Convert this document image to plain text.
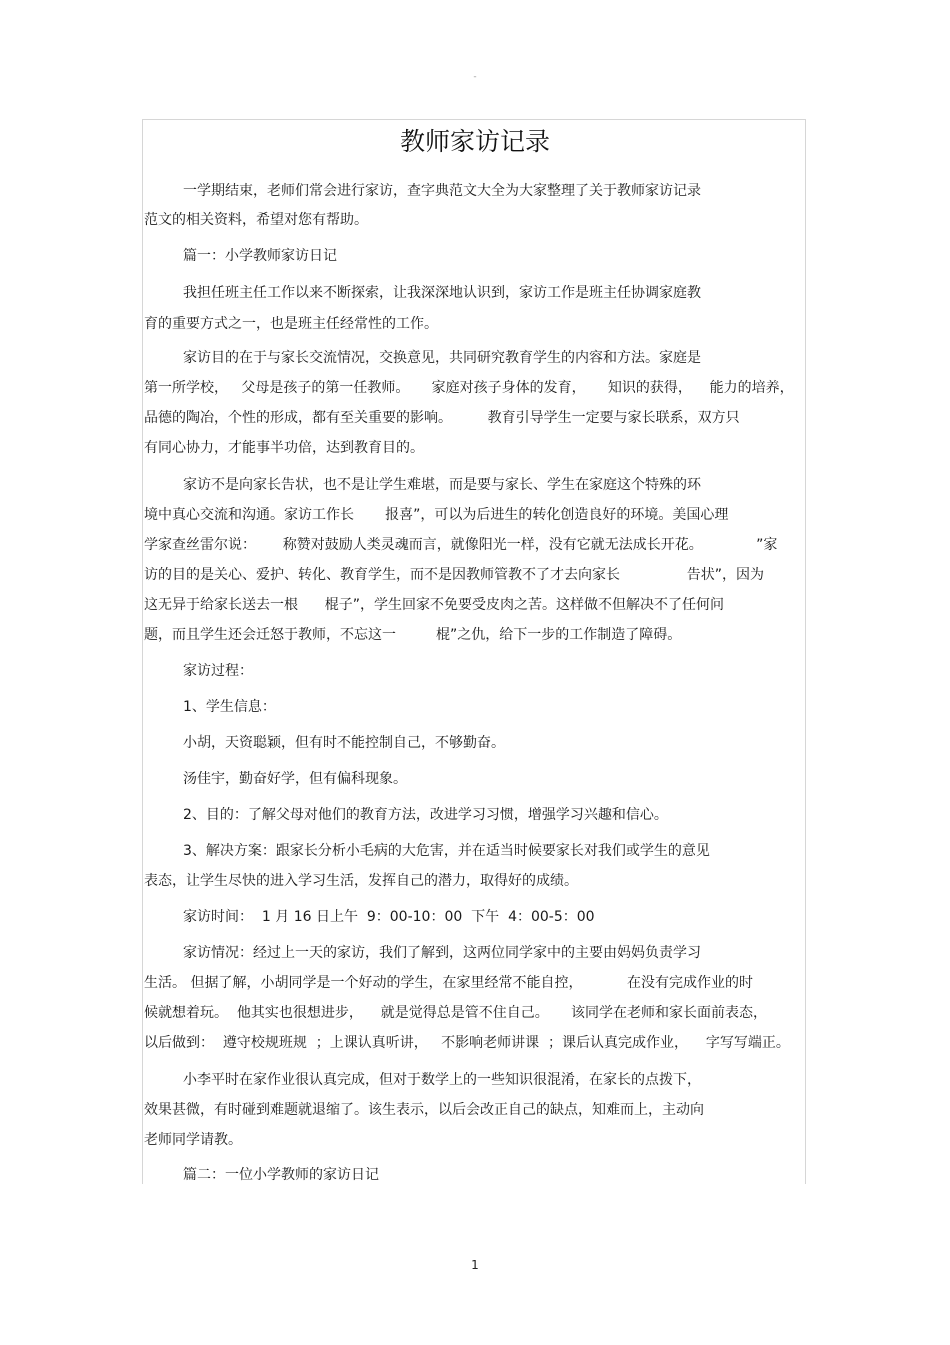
-
教师家访记录
一学期结束，老师们常会进行家访，查字典范文大全为大家整理了关于教师家访记录
范文的相关资料，希望对您有帮助。
篇一：小学教师家访日记
我担任班主任工作以来不断探索，让我深深地认识到，家访工作是班主任协调家庭教
育的重要方式之一，也是班主任经常性的工作。
家访目的在于与家长交流情况，交换意见，共同研究教育学生的内容和方法。家庭是
第一所学校，   父母是孩子的第一任教师。     家庭对孩子身体的发育，     知识的获得，    能力的培养，
品德的陶冶，个性的形成，都有至关重要的影响。        教育引导学生一定要与家长联系，双方只
有同心协力，才能事半功倍，达到教育目的。
家访不是向家长告状，也不是让学生难堪，而是要与家长、学生在家庭这个特殊的环
境中真心交流和沟通。家访工作长       报喜”，可以为后进生的转化创造良好的环境。美国心理
学家查丝雷尔说：      称赞对鼓励人类灵魂而言，就像阳光一样，没有它就无法成长开花。            ”家
访的目的是关心、爱护、转化、教育学生，而不是因教师管教不了才去向家长               告状”，因为
这无异于给家长送去一根      棍子”，学生回家不免要受皮肉之苦。这样做不但解决不了任何问
题，而且学生还会迁怒于教师，不忘这一         棍”之仇，给下一步的工作制造了障碍。
家访过程：
1、学生信息：
小胡，天资聪颖，但有时不能控制自己，不够勤奋。
汤佳宇，勤奋好学，但有偏科现象。
2、目的：了解父母对他们的教育方法，改进学习习惯，增强学习兴趣和信心。
3、解决方案：跟家长分析小毛病的大危害，并在适当时候要家长对我们或学生的意见
表态，让学生尽快的进入学习生活，发挥自己的潜力，取得好的成绩。
家访时间：  1 月 16 日上午  9：00-10：00  下午  4：00-5：00
家访情况：经过上一天的家访，我们了解到，这两位同学家中的主要由妈妈负责学习
生活。 但据了解，小胡同学是一个好动的学生，在家里经常不能自控，          在没有完成作业的时
候就想着玩。  他其实也很想进步，    就是觉得总是管不住自己。     该同学在老师和家长面前表态，
以后做到：  遵守校规班规  ；上课认真听讲，   不影响老师讲课  ；课后认真完成作业，    字写写端正。
小李平时在家作业很认真完成，但对于数学上的一些知识很混淆，在家长的点拨下，
效果甚微，有时碰到难题就退缩了。该生表示，以后会改正自己的缺点，知难而上，主动向
老师同学请教。
篇二：一位小学教师的家访日记
1
